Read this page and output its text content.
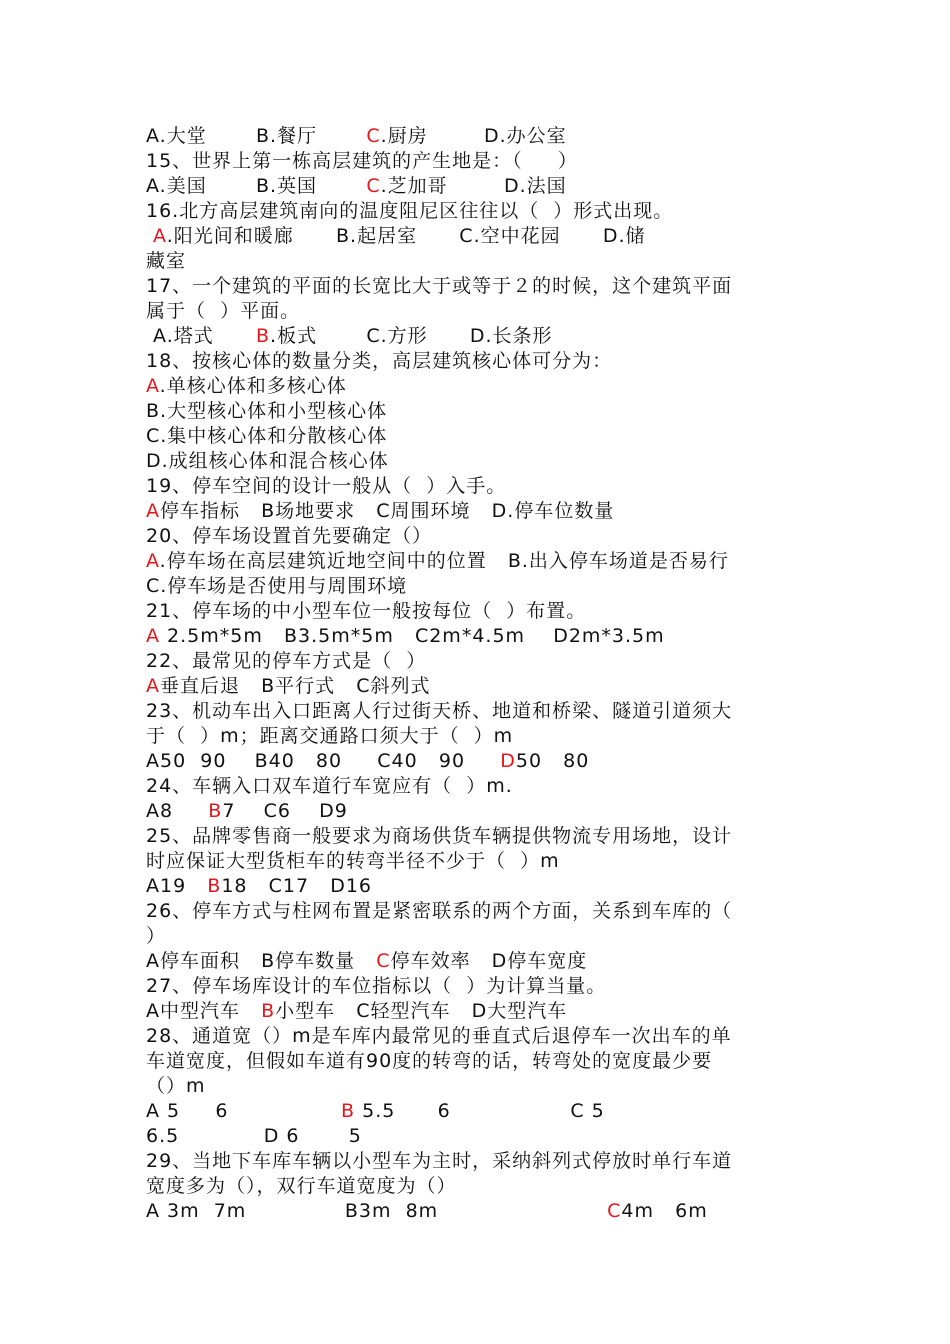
A.大堂       B.餐厅       C.厨房        D.办公室
15、世界上第一栋高层建筑的产生地是：（     ）
A.美国       B.英国       C.芝加哥        D.法国
16.北方高层建筑南向的温度阻尼区往往以（  ）形式出现。
A.阳光间和暖廊      B.起居室      C.空中花园      D.储
藏室
17、一个建筑的平面的长宽比大于或等于２的时候，这个建筑平面
属于（  ）平面。
A.塔式      B.板式       C.方形      D.长条形
18、按核心体的数量分类，高层建筑核心体可分为：
A.单核心体和多核心体
B.大型核心体和小型核心体
C.集中核心体和分散核心体
D.成组核心体和混合核心体
19、停车空间的设计一般从（  ）入手。
A停车指标   B场地要求   C周围环境   D.停车位数量
20、停车场设置首先要确定（）
A.停车场在高层建筑近地空间中的位置   B.出入停车场道是否易行
C.停车场是否使用与周围环境
21、停车场的中小型车位一般按每位（  ）布置。
A 2.5m*5m   B3.5m*5m   C2m*4.5m    D2m*3.5m
22、最常见的停车方式是（  ）
A垂直后退   B平行式   C斜列式
23、机动车出入口距离人行过街天桥、地道和桥梁、隧道引道须大
于（  ）m；距离交通路口须大于（  ）m
A50  90    B40   80     C40   90     D50   80
24、车辆入口双车道行车宽应有（  ）m.
A8     B7    C6    D9
25、品牌零售商一般要求为商场供货车辆提供物流专用场地，设计
时应保证大型货柜车的转弯半径不少于（  ）m
A19   B18   C17   D16
26、停车方式与柱网布置是紧密联系的两个方面，关系到车库的（
）
A停车面积   B停车数量   C停车效率   D停车宽度
27、停车场库设计的车位指标以（  ）为计算当量。
A中型汽车   B小型车   C轻型汽车   D大型汽车
28、通道宽（）m是车库内最常见的垂直式后退停车一次出车的单
车道宽度，但假如车道有90度的转弯的话，转弯处的宽度最少要
（）m
A 5     6                B 5.5      6                 C 5
6.5            D 6       5
29、当地下车库车辆以小型车为主时，采纳斜列式停放时单行车道
宽度多为（），双行车道宽度为（）
A 3m  7m              B3m  8m                        C4m   6m
